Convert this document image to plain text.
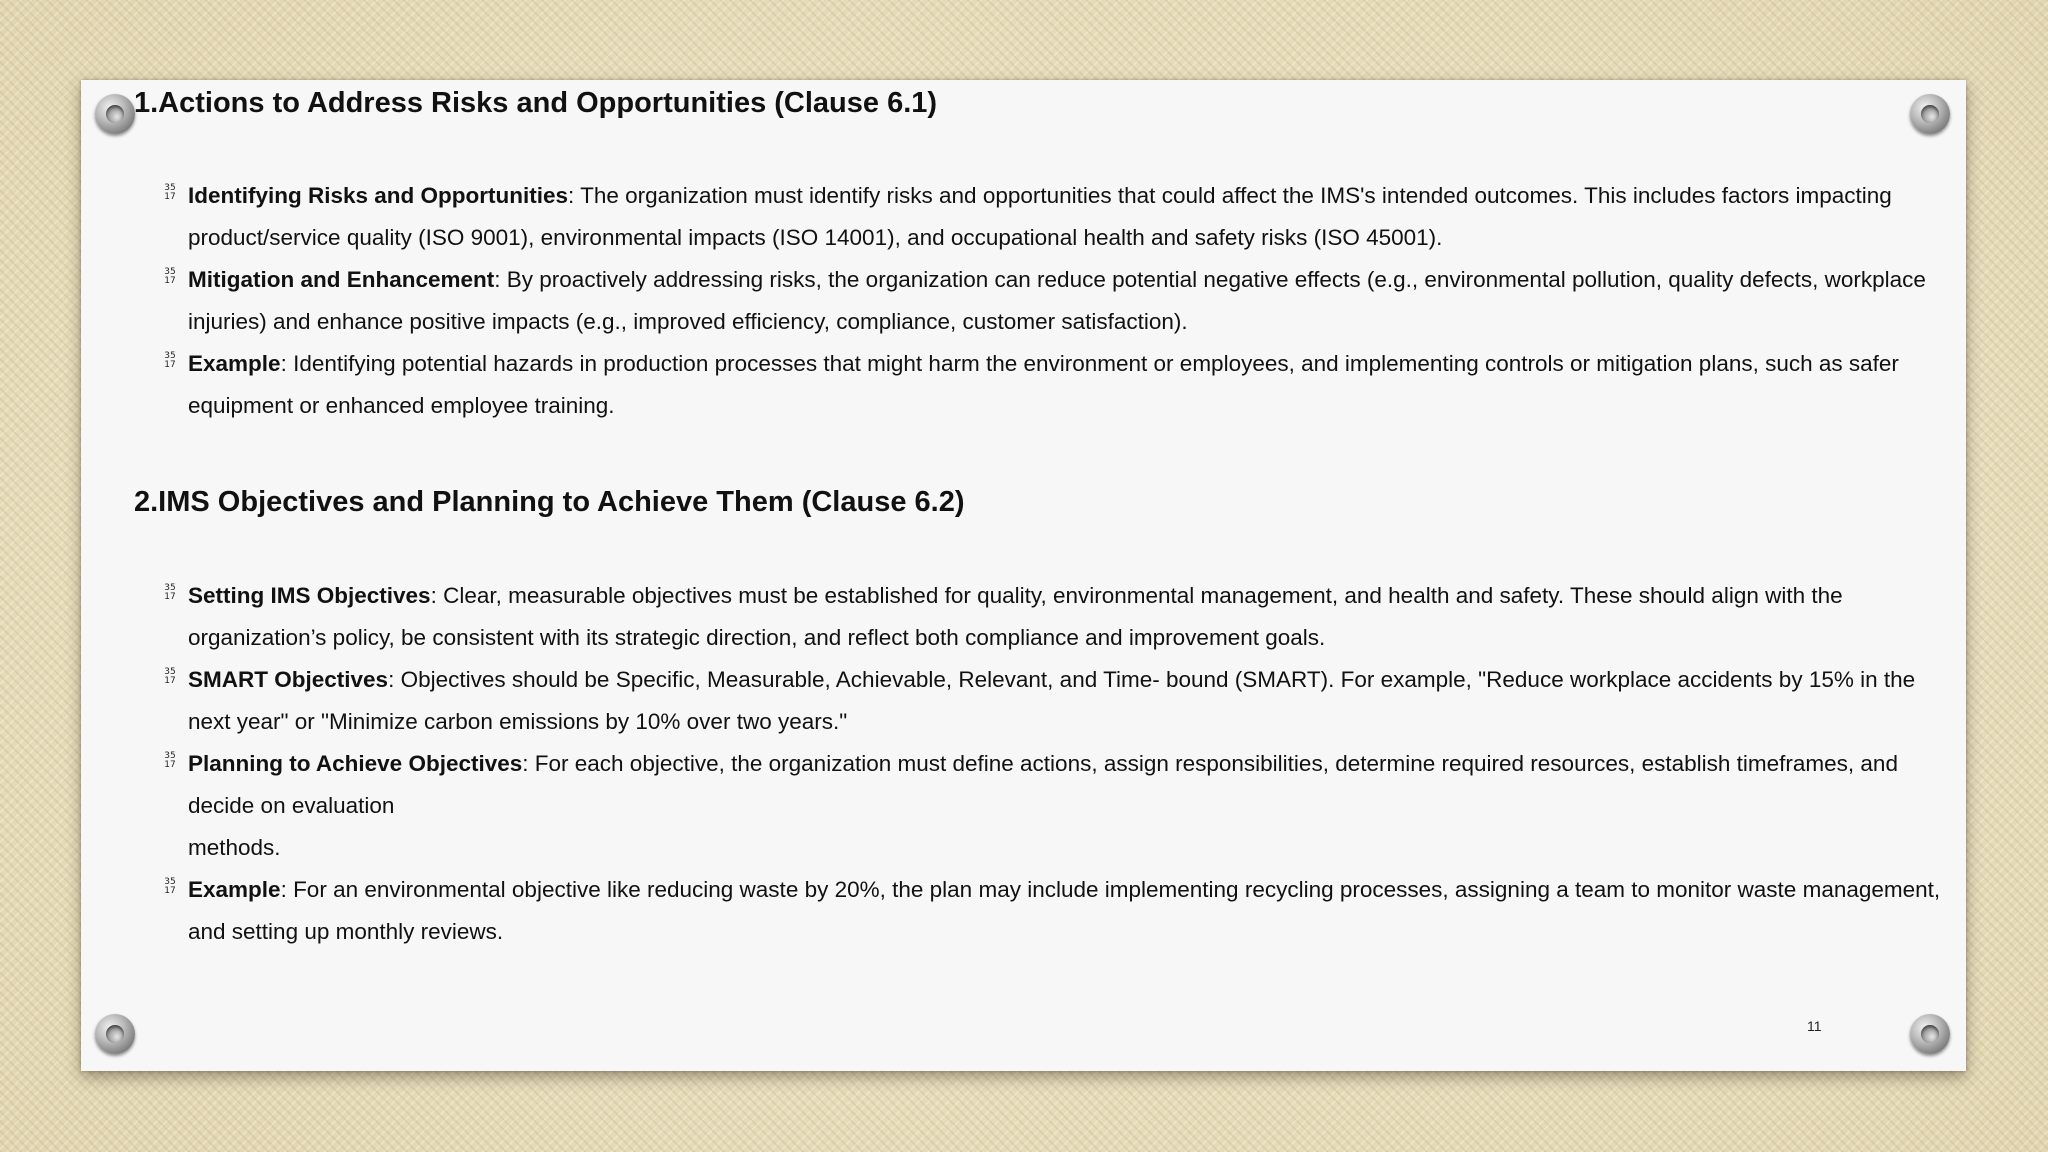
1.Actions to Address Risks and Opportunities (Clause 6.1)
35
17 Identifying Risks and Opportunities: The organization must identify risks and opportunities that could affect the IMS's intended outcomes. This includes factors impacting product/service quality (ISO 9001), environmental impacts (ISO 14001), and occupational health and safety risks (ISO 45001).
35
17 Mitigation and Enhancement: By proactively addressing risks, the organization can reduce potential negative effects (e.g., environmental pollution, quality defects, workplace injuries) and enhance positive impacts (e.g., improved efficiency, compliance, customer satisfaction).
35
17 Example: Identifying potential hazards in production processes that might harm the environment or employees, and implementing controls or mitigation plans, such as safer equipment or enhanced employee training.
2.IMS Objectives and Planning to Achieve Them (Clause 6.2)
35
17 Setting IMS Objectives: Clear, measurable objectives must be established for quality, environmental management, and health and safety. These should align with the organization’s policy, be consistent with its strategic direction, and reflect both compliance and improvement goals.
35
17 SMART Objectives: Objectives should be Specific, Measurable, Achievable, Relevant, and Time- bound (SMART). For example, "Reduce workplace accidents by 15% in the next year" or "Minimize carbon emissions by 10% over two years."
35
17 Planning to Achieve Objectives: For each objective, the organization must define actions, assign responsibilities, determine required resources, establish timeframes, and decide on evaluation
methods.
35
17 Example: For an environmental objective like reducing waste by 20%, the plan may include implementing recycling processes, assigning a team to monitor waste management, and setting up monthly reviews.
11
